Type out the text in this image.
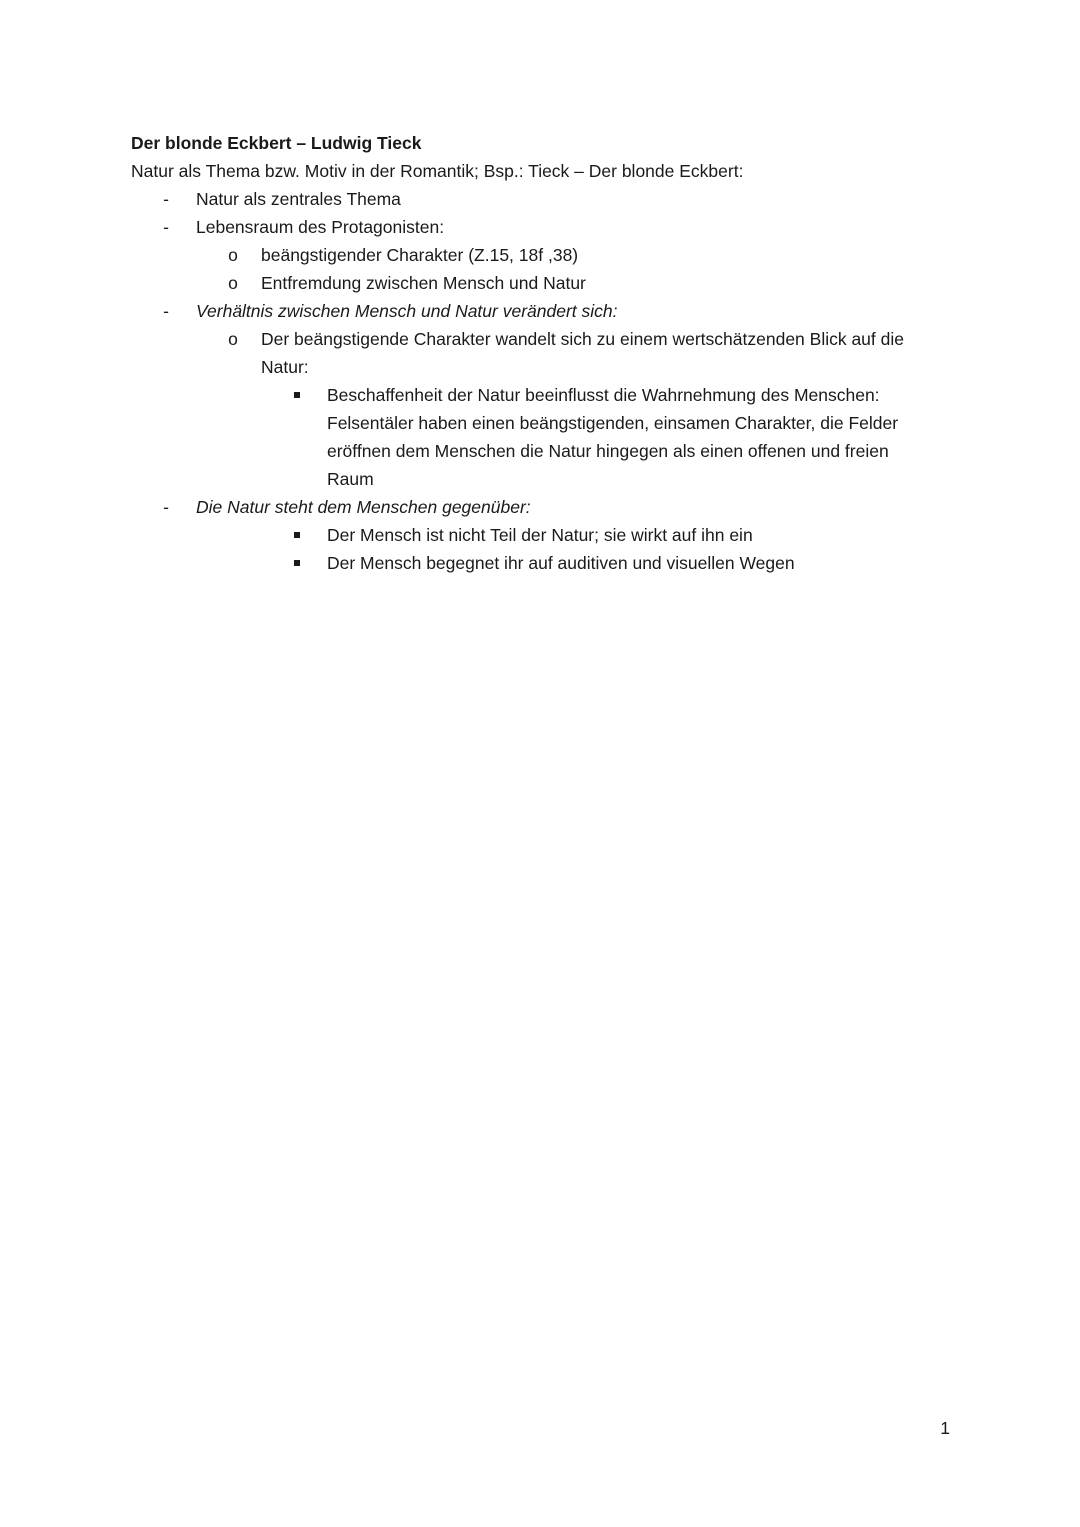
Der blonde Eckbert – Ludwig Tieck
Natur als Thema bzw. Motiv in der Romantik; Bsp.: Tieck – Der blonde Eckbert:
- Natur als zentrales Thema
- Lebensraum des Protagonisten:
o beängstigender Charakter (Z.15, 18f ,38)
o Entfremdung zwischen Mensch und Natur
- Verhältnis zwischen Mensch und Natur verändert sich:
o Der beängstigende Charakter wandelt sich zu einem wertschätzenden Blick auf die
Natur:
Beschaffenheit der Natur beeinflusst die Wahrnehmung des Menschen:
Felsentäler haben einen beängstigenden, einsamen Charakter, die Felder
eröffnen dem Menschen die Natur hingegen als einen offenen und freien
Raum
- Die Natur steht dem Menschen gegenüber:
Der Mensch ist nicht Teil der Natur; sie wirkt auf ihn ein
Der Mensch begegnet ihr auf auditiven und visuellen Wegen
1
